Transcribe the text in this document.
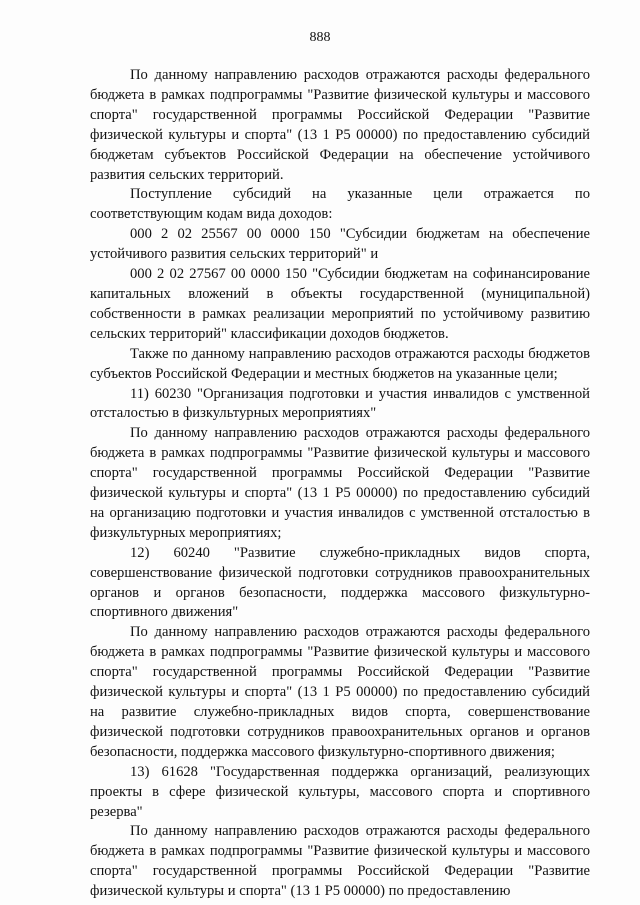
888

По данному направлению расходов отражаются расходы федерального бюджета в рамках подпрограммы "Развитие физической культуры и массового спорта" государственной программы Российской Федерации "Развитие физической культуры и спорта" (13 1 P5 00000) по предоставлению субсидий бюджетам субъектов Российской Федерации на обеспечение устойчивого развития сельских территорий.

Поступление субсидий на указанные цели отражается по соответствующим кодам вида доходов:

000 2 02 25567 00 0000 150 "Субсидии бюджетам на обеспечение устойчивого развития сельских территорий" и

000 2 02 27567 00 0000 150 "Субсидии бюджетам на софинансирование капитальных вложений в объекты государственной (муниципальной) собственности в рамках реализации мероприятий по устойчивому развитию сельских территорий" классификации доходов бюджетов.

Также по данному направлению расходов отражаются расходы бюджетов субъектов Российской Федерации и местных бюджетов на указанные цели;

11) 60230 "Организация подготовки и участия инвалидов с умственной отсталостью в физкультурных мероприятиях"

По данному направлению расходов отражаются расходы федерального бюджета в рамках подпрограммы "Развитие физической культуры и массового спорта" государственной программы Российской Федерации "Развитие физической культуры и спорта" (13 1 P5 00000) по предоставлению субсидий на организацию подготовки и участия инвалидов с умственной отсталостью в физкультурных мероприятиях;

12) 60240 "Развитие служебно-прикладных видов спорта, совершенствование физической подготовки сотрудников правоохранительных органов и органов безопасности, поддержка массового физкультурно-спортивного движения"

По данному направлению расходов отражаются расходы федерального бюджета в рамках подпрограммы "Развитие физической культуры и массового спорта" государственной программы Российской Федерации "Развитие физической культуры и спорта" (13 1 P5 00000) по предоставлению субсидий на развитие служебно-прикладных видов спорта, совершенствование физической подготовки сотрудников правоохранительных органов и органов безопасности, поддержка массового физкультурно-спортивного движения;

13) 61628 "Государственная поддержка организаций, реализующих проекты в сфере физической культуры, массового спорта и спортивного резерва"

По данному направлению расходов отражаются расходы федерального бюджета в рамках подпрограммы "Развитие физической культуры и массового спорта" государственной программы Российской Федерации "Развитие физической культуры и спорта" (13 1 P5 00000) по предоставлению
